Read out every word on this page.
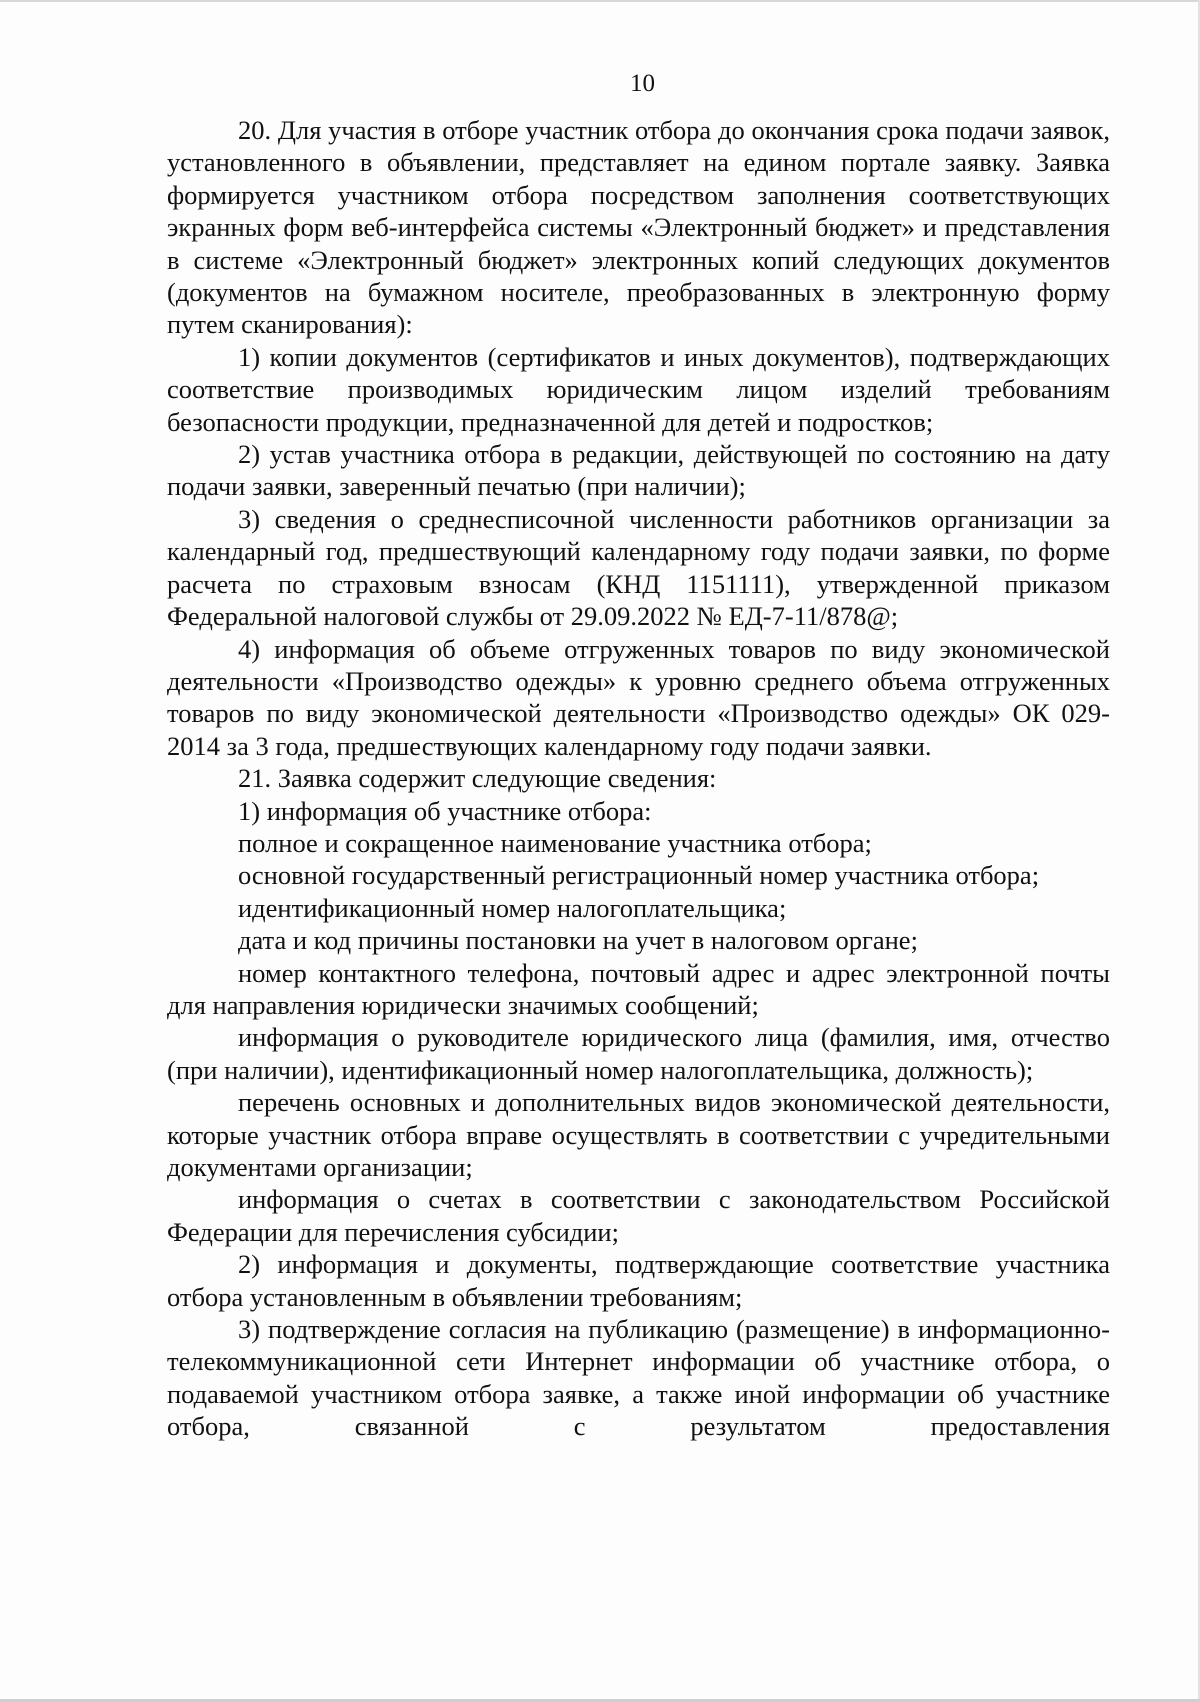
10

20. Для участия в отборе участник отбора до окончания срока подачи заявок, установленного в объявлении, представляет на едином портале заявку. Заявка формируется участником отбора посредством заполнения соответствующих экранных форм веб-интерфейса системы «Электронный бюджет» и представления в системе «Электронный бюджет» электронных копий следующих документов (документов на бумажном носителе, преобразованных в электронную форму путем сканирования):

1) копии документов (сертификатов и иных документов), подтверждающих соответствие производимых юридическим лицом изделий требованиям безопасности продукции, предназначенной для детей и подростков;

2) устав участника отбора в редакции, действующей по состоянию на дату подачи заявки, заверенный печатью (при наличии);

3) сведения о среднесписочной численности работников организации за календарный год, предшествующий календарному году подачи заявки, по форме расчета по страховым взносам (КНД 1151111), утвержденной приказом Федеральной налоговой службы от 29.09.2022 № ЕД-7-11/878@;

4) информация об объеме отгруженных товаров по виду экономической деятельности «Производство одежды» к уровню среднего объема отгруженных товаров по виду экономической деятельности «Производство одежды» ОК 029-2014 за 3 года, предшествующих календарному году подачи заявки.

21. Заявка содержит следующие сведения:

1) информация об участнике отбора:

полное и сокращенное наименование участника отбора;

основной государственный регистрационный номер участника отбора;

идентификационный номер налогоплательщика;

дата и код причины постановки на учет в налоговом органе;

номер контактного телефона, почтовый адрес и адрес электронной почты для направления юридически значимых сообщений;

информация о руководителе юридического лица (фамилия, имя, отчество (при наличии), идентификационный номер налогоплательщика, должность);

перечень основных и дополнительных видов экономической деятельности, которые участник отбора вправе осуществлять в соответствии с учредительными документами организации;

информация о счетах в соответствии с законодательством Российской Федерации для перечисления субсидии;

2) информация и документы, подтверждающие соответствие участника отбора установленным в объявлении требованиям;

3) подтверждение согласия на публикацию (размещение) в информационно-телекоммуникационной сети Интернет информации об участнике отбора, о подаваемой участником отбора заявке, а также иной информации об участнике отбора, связанной с результатом предоставления
